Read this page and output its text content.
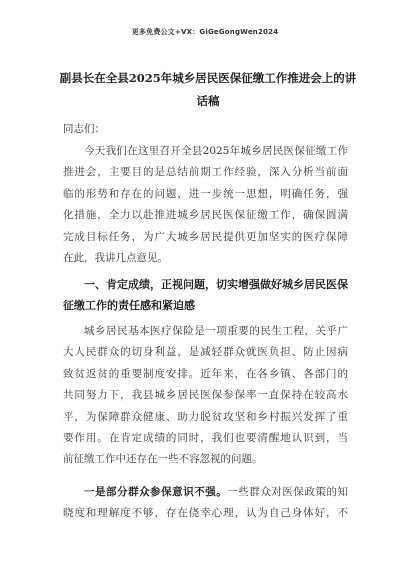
更多免费公文+VX：GiGeGongWen2024
副县长在全县2025年城乡居民医保征缴工作推进会上的讲
话稿
同志们：
今天我们在这里召开全县2025年城乡居民医保征缴工作
推进会，主要目的是总结前期工作经验，深入分析当前面
临的形势和存在的问题，进一步统一思想，明确任务，强
化措施，全力以赴推进城乡居民医保征缴工作，确保圆满
完成目标任务，为广大城乡居民提供更加坚实的医疗保障
在此，我讲几点意见。
一、肯定成绩，正视问题，切实增强做好城乡居民医保
征缴工作的责任感和紧迫感
城乡居民基本医疗保险是一项重要的民生工程，关乎广
大人民群众的切身利益，是减轻群众就医负担、防止因病
致贫返贫的重要制度安排。近年来，在各乡镇、各部门的
共同努力下，我县城乡居民医保参保率一直保持在较高水
平，为保障群众健康、助力脱贫攻坚和乡村振兴发挥了重
要作用。在肯定成绩的同时，我们也要清醒地认识到，当
前征缴工作中还存在一些不容忽视的问题。
一是部分群众参保意识不强。一些群众对医保政策的知
晓度和理解度不够，存在侥幸心理，认为自己身体好，不
